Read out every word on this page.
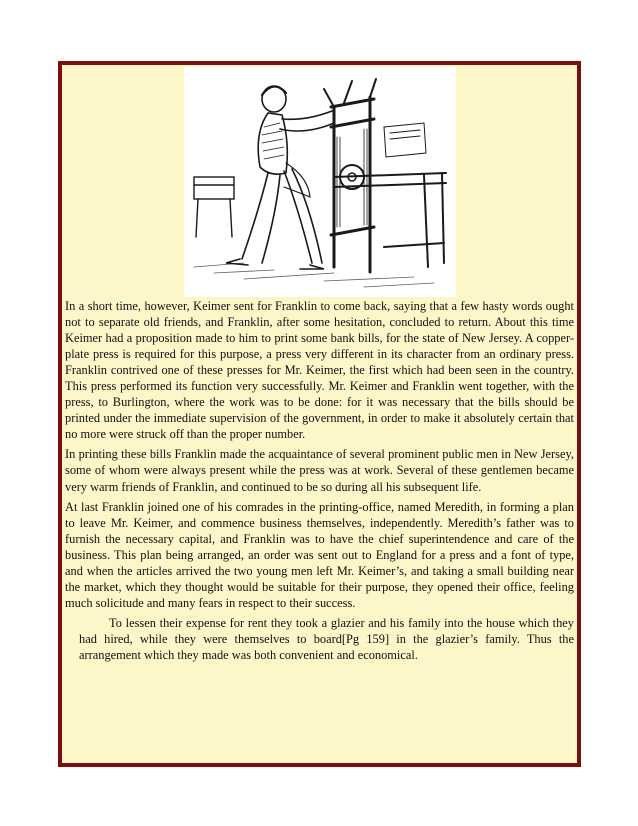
In a short time, however, Keimer sent for Franklin to come back, saying that a few hasty words ought not to separate old friends, and Franklin, after some hesitation, concluded to return. About this time Keimer had a proposition made to him to print some bank bills, for the state of New Jersey. A copper-plate press is required for this purpose, a press very different in its character from an ordinary press. Franklin contrived one of these presses for Mr. Keimer, the first which had been seen in the country. This press performed its function very successfully. Mr. Keimer and Franklin went together, with the press, to Burlington, where the work was to be done: for it was necessary that the bills should be printed under the immediate supervision of the government, in order to make it absolutely certain that no more were struck off than the proper number.

In printing these bills Franklin made the acquaintance of several prominent public men in New Jersey, some of whom were always present while the press was at work. Several of these gentlemen became very warm friends of Franklin, and continued to be so during all his subsequent life.

At last Franklin joined one of his comrades in the printing-office, named Meredith, in forming a plan to leave Mr. Keimer, and commence business themselves, independently. Meredith’s father was to furnish the necessary capital, and Franklin was to have the chief superintendence and care of the business. This plan being arranged, an order was sent out to England for a press and a font of type, and when the articles arrived the two young men left Mr. Keimer’s, and taking a small building near the market, which they thought would be suitable for their purpose, they opened their office, feeling much solicitude and many fears in respect to their success.

To lessen their expense for rent they took a glazier and his family into the house which they had hired, while they were themselves to board[Pg 159] in the glazier’s family. Thus the arrangement which they made was both convenient and economical.
